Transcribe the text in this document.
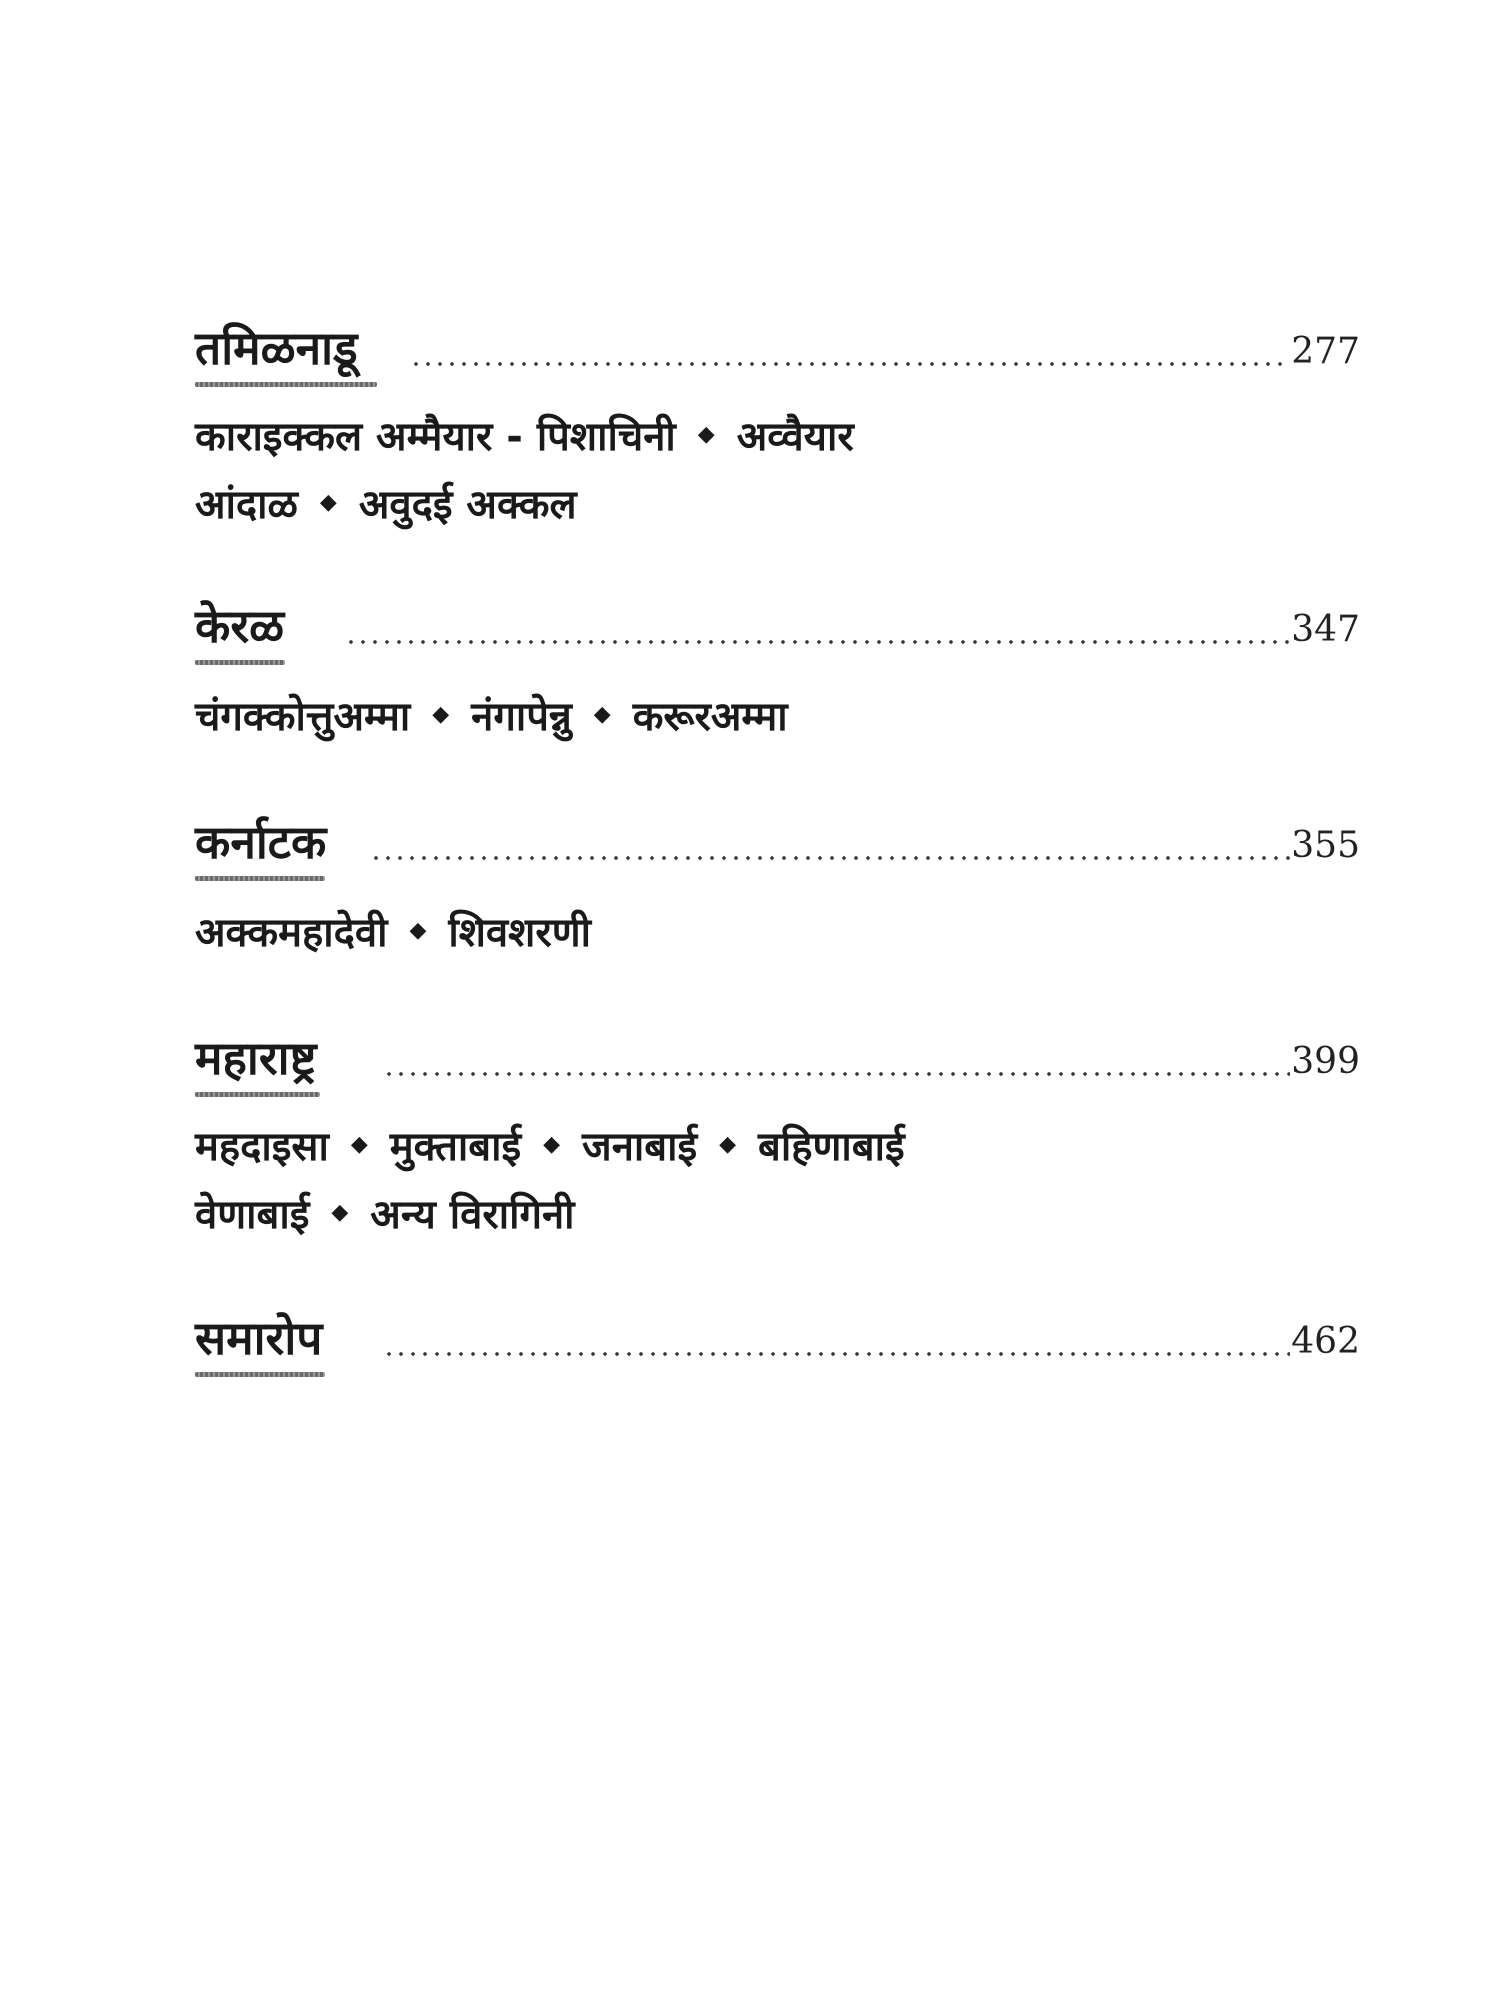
तमिळनाडू	277
काराइक्कल अम्मैयार - पिशाचिनी ◆ अव्वैयार
आंदाळ ◆ अवुदई अक्कल
केरळ	347
चंगक्कोत्तुअम्मा ◆ नंगापेन्नु ◆ करूरअम्मा
कर्नाटक	355
अक्कमहादेवी ◆ शिवशरणी
महाराष्ट्र	399
महदाइसा ◆ मुक्ताबाई ◆ जनाबाई ◆ बहिणाबाई
वेणाबाई ◆ अन्य विरागिनी
समारोप	462
